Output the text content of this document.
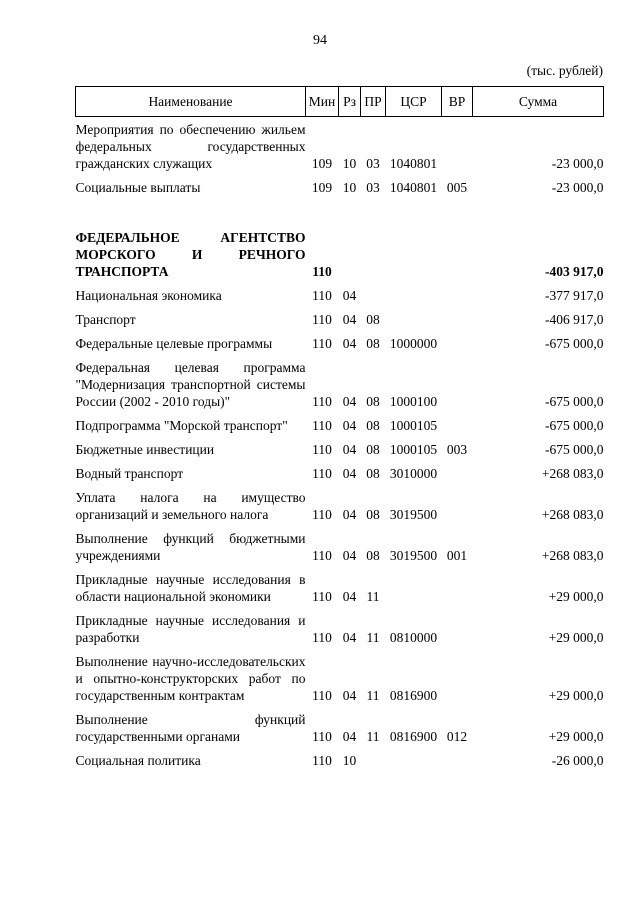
94
(тыс. рублей)
Наименование	Мин	Рз	ПР	ЦСР	ВР	Сумма
Мероприятия по обеспечению жильем федеральных государственных гражданских служащих	109	10	03	1040801		-23 000,0
Социальные выплаты	109	10	03	1040801	005	-23 000,0
ФЕДЕРАЛЬНОЕ АГЕНТСТВО МОРСКОГО И РЕЧНОГО ТРАНСПОРТА	110					-403 917,0
Национальная экономика	110	04				-377 917,0
Транспорт	110	04	08			-406 917,0
Федеральные целевые программы	110	04	08	1000000		-675 000,0
Федеральная целевая программа "Модернизация транспортной системы России (2002 - 2010 годы)"	110	04	08	1000100		-675 000,0
Подпрограмма "Морской транспорт"	110	04	08	1000105		-675 000,0
Бюджетные инвестиции	110	04	08	1000105	003	-675 000,0
Водный транспорт	110	04	08	3010000		+268 083,0
Уплата налога на имущество организаций и земельного налога	110	04	08	3019500		+268 083,0
Выполнение функций бюджетными учреждениями	110	04	08	3019500	001	+268 083,0
Прикладные научные исследования в области национальной экономики	110	04	11			+29 000,0
Прикладные научные исследования и разработки	110	04	11	0810000		+29 000,0
Выполнение научно-исследовательских и опытно-конструкторских работ по государственным контрактам	110	04	11	0816900		+29 000,0
Выполнение функций государственными органами	110	04	11	0816900	012	+29 000,0
Социальная политика	110	10				-26 000,0
